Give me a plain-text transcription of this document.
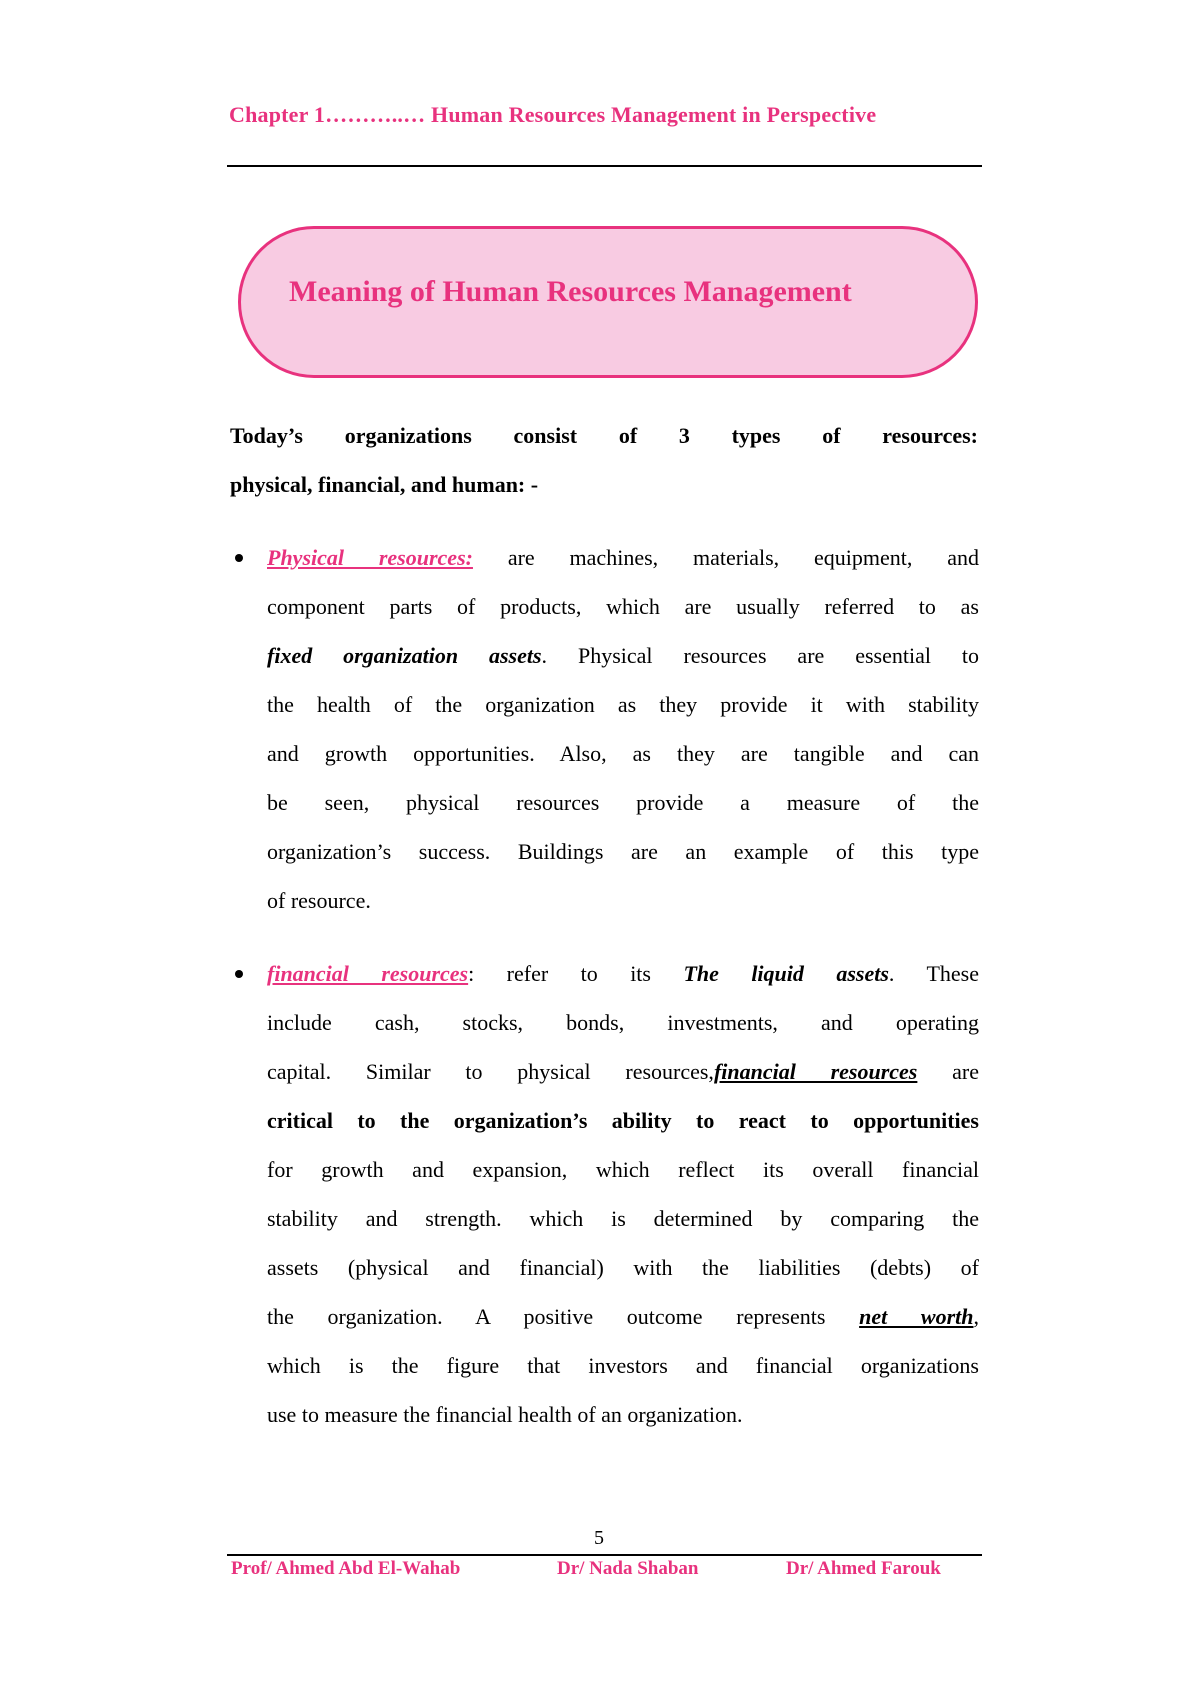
Chapter 1………..… Human Resources Management in Perspective
Meaning of Human Resources Management
Today’s organizations consist of 3 types of resources:
physical, financial, and human: -
Physical resources: are machines, materials, equipment, and
component parts of products, which are usually referred to as
fixed organization assets. Physical resources are essential to
the health of the organization as they provide it with stability
and growth opportunities. Also, as they are tangible and can
be seen, physical resources provide a measure of the
organization’s success. Buildings are an example of this type
of resource.
financial resources: refer to its The liquid assets. These
include cash, stocks, bonds, investments, and operating
capital. Similar to physical resources,financial resources are
critical to the organization’s ability to react to opportunities
for growth and expansion, which reflect its overall financial
stability and strength. which is determined by comparing the
assets (physical and financial) with the liabilities (debts) of
the organization. A positive outcome represents net worth,
which is the figure that investors and financial organizations
use to measure the financial health of an organization.
5
Prof/ Ahmed Abd El-Wahab	Dr/ Nada Shaban	Dr/ Ahmed Farouk
